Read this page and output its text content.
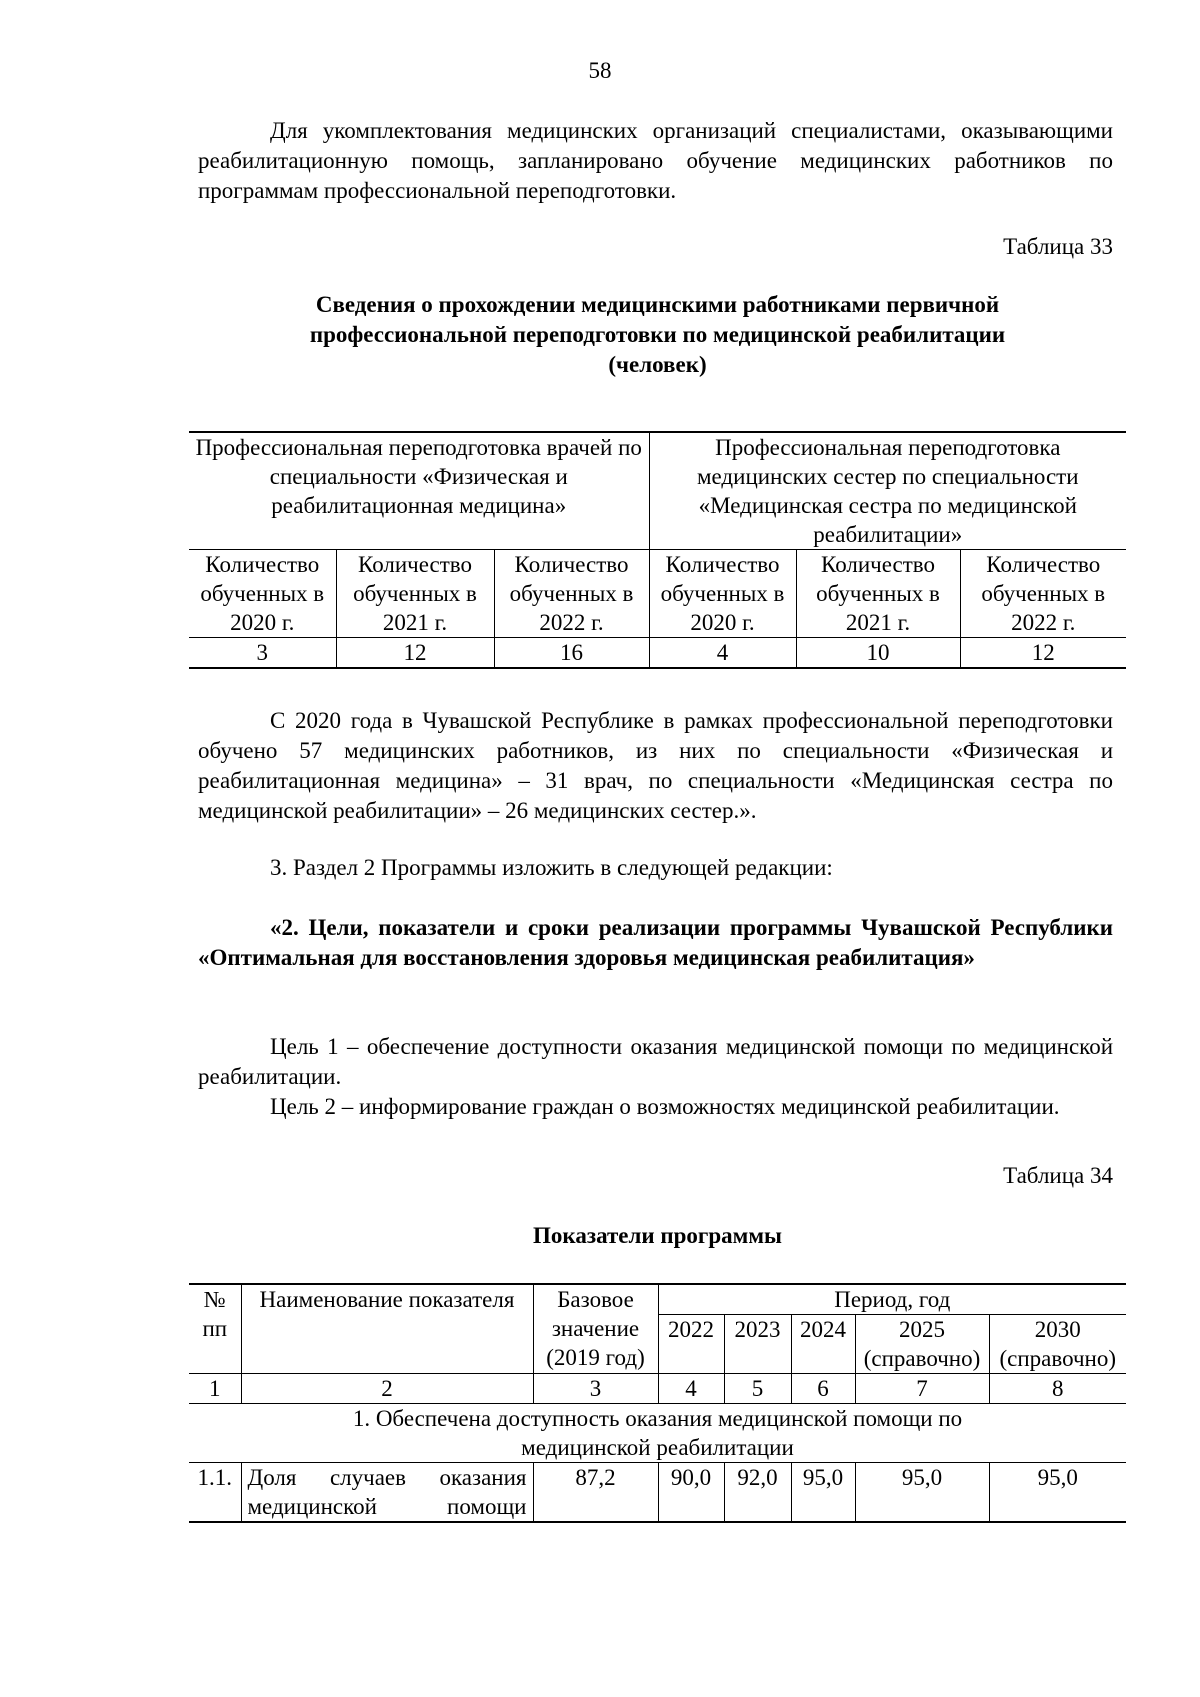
58
Для укомплектования медицинских организаций специалистами, оказывающими реабилитационную помощь, запланировано обучение медицинских работников по программам профессиональной переподготовки.
Таблица 33
Сведения о прохождении медицинскими работниками первичной
профессиональной переподготовки по медицинской реабилитации
(человек)
Профессиональная переподготовка врачей по специальности «Физическая и реабилитационная медицина»			Профессиональная переподготовка медицинских сестер по специальности «Медицинская сестра по медицинской реабилитации»		
Количество обученных в 2020 г.	Количество обученных в 2021 г.	Количество обученных в 2022 г.	Количество обученных в 2020 г.	Количество обученных в 2021 г.	Количество обученных в 2022 г.
3	12	16	4	10	12
С 2020 года в Чувашской Республике в рамках профессиональной переподготовки обучено 57 медицинских работников, из них по специальности «Физическая и реабилитационная медицина» – 31 врач, по специальности «Медицинская сестра по медицинской реабилитации» – 26 медицинских сестер.».
3. Раздел 2 Программы изложить в следующей редакции:
«2. Цели, показатели и сроки реализации программы Чувашской Республики «Оптимальная для восстановления здоровья медицинская реабилитация»
Цель 1 – обеспечение доступности оказания медицинской помощи по медицинской реабилитации.
Цель 2 – информирование граждан о возможностях медицинской реабилитации.
Таблица 34
Показатели программы
№ пп	Наименование показателя	Базовое значение (2019 год)	Период, год				
			2022	2023	2024	2025 (справочно)	2030 (справочно)
1	2	3	4	5	6	7	8
1. Обеспечена доступность оказания медицинской помощи по медицинской реабилитации							
1.1.	Доля случаев оказания медицинской помощи	87,2	90,0	92,0	95,0	95,0	95,0
